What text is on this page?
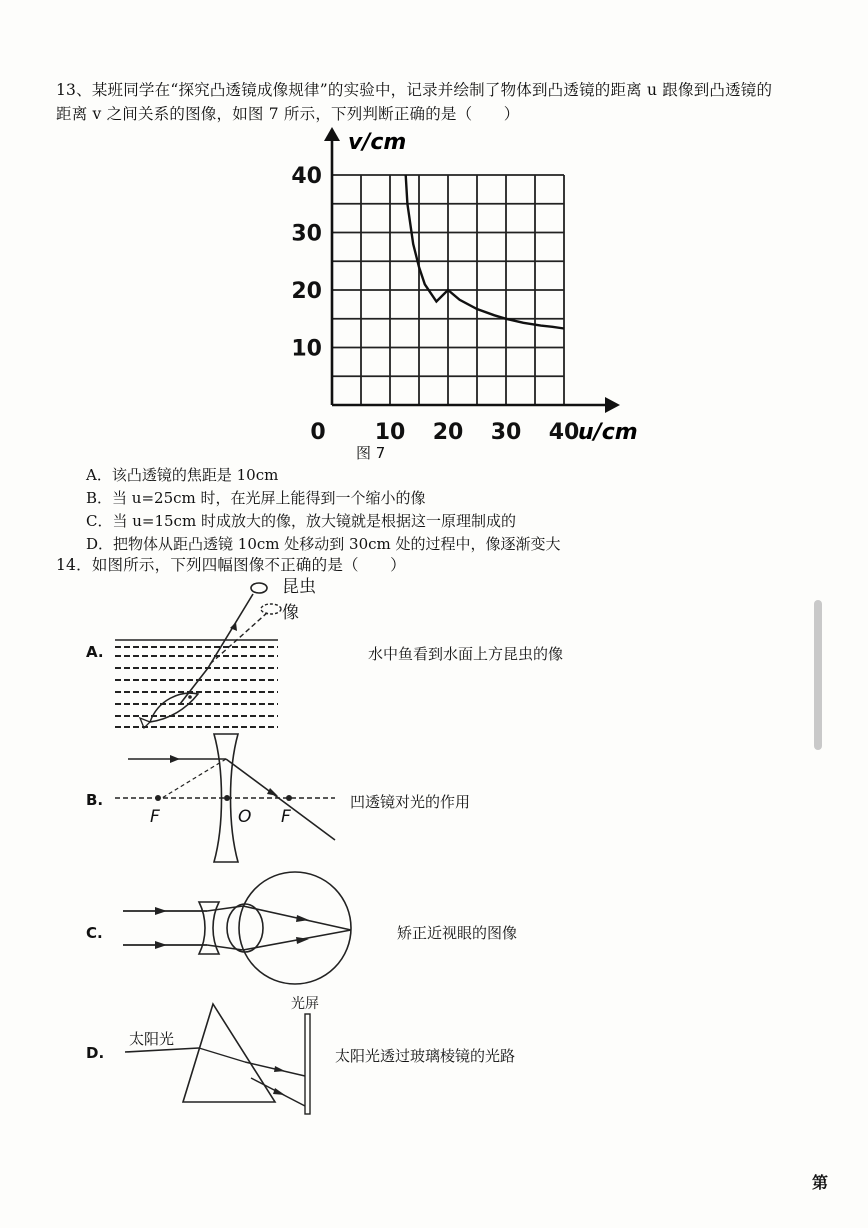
13、某班同学在“探究凸透镜成像规律”的实验中，记录并绘制了物体到凸透镜的距离 u 跟像到凸透镜的
距离 v 之间关系的图像，如图 7 所示，下列判断正确的是（　　）
10
20
30
40
0 10 20 30 40
v/cm
u/cm
图 7
A．该凸透镜的焦距是 10cm
B．当 u=25cm 时，在光屏上能得到一个缩小的像
C．当 u=15cm 时成放大的像，放大镜就是根据这一原理制成的
D．把物体从距凸透镜 10cm 处移动到 30cm 处的过程中，像逐渐变大
14．如图所示，下列四幅图像不正确的是（　　）
A.
昆虫
像
水中鱼看到水面上方昆虫的像
B.
F	O F
凹透镜对光的作用
C.	矫正近视眼的图像
D.
太阳光
光屏
太阳光透过玻璃棱镜的光路
第
